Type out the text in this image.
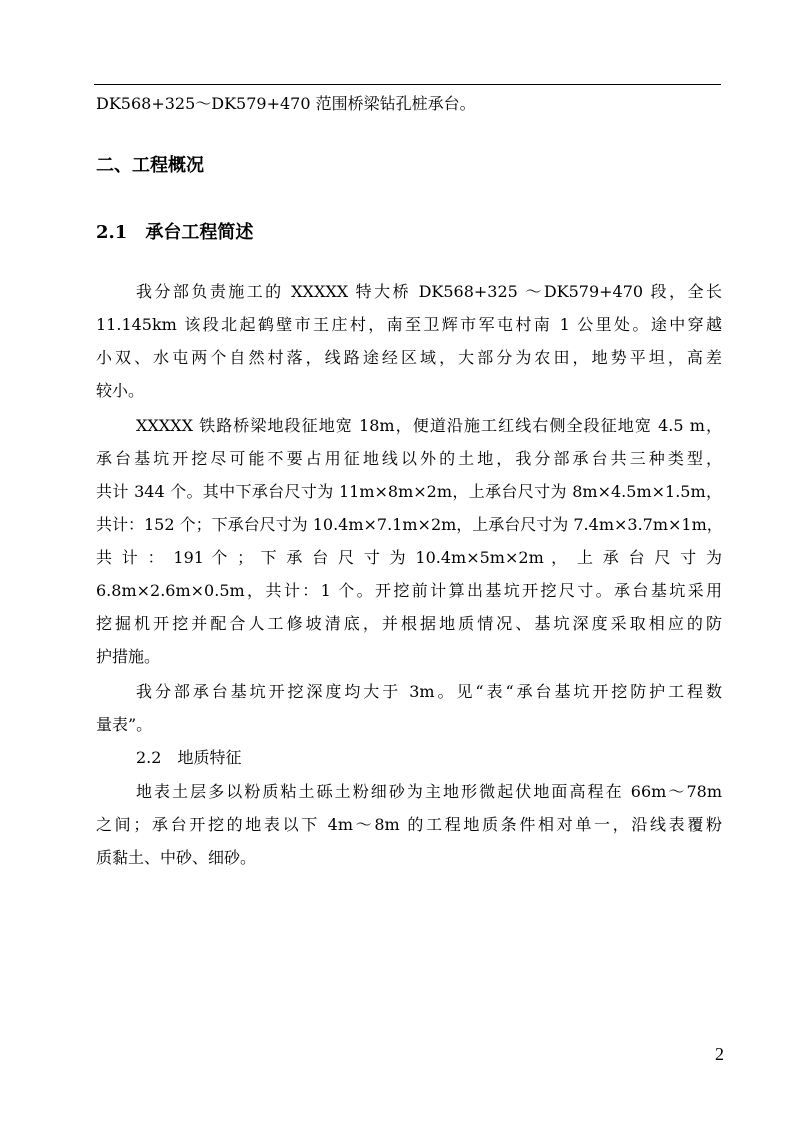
DK568+325～DK579+470 范围桥梁钻孔桩承台。
二、工程概况
2.1　承台工程简述
我分部负责施工的 XXXXX 特大桥 DK568+325 ～DK579+470 段，全长
11.145km 该段北起鹤壁市王庄村，南至卫辉市军屯村南 1 公里处。途中穿越
小双、水屯两个自然村落，线路途经区域，大部分为农田，地势平坦，高差
较小。
XXXXX 铁路桥梁地段征地宽 18m，便道沿施工红线右侧全段征地宽 4.5 m，
承台基坑开挖尽可能不要占用征地线以外的土地，我分部承台共三种类型，
共计 344 个。其中下承台尺寸为 11m×8m×2m，上承台尺寸为 8m×4.5m×1.5m，
共计：152 个；下承台尺寸为 10.4m×7.1m×2m，上承台尺寸为 7.4m×3.7m×1m，
共 计 ： 191 个 ； 下 承 台 尺 寸 为 10.4m×5m×2m ， 上 承 台 尺 寸 为
6.8m×2.6m×0.5m，共计：1 个。开挖前计算出基坑开挖尺寸。承台基坑采用
挖掘机开挖并配合人工修坡清底，并根据地质情况、基坑深度采取相应的防
护措施。
我分部承台基坑开挖深度均大于 3m。见“表“承台基坑开挖防护工程数
量表”。
2.2　地质特征
地表土层多以粉质粘土砾土粉细砂为主地形微起伏地面高程在 66m～78m
之间；承台开挖的地表以下 4m～8m 的工程地质条件相对单一，沿线表覆粉
质黏土、中砂、细砂。
2
